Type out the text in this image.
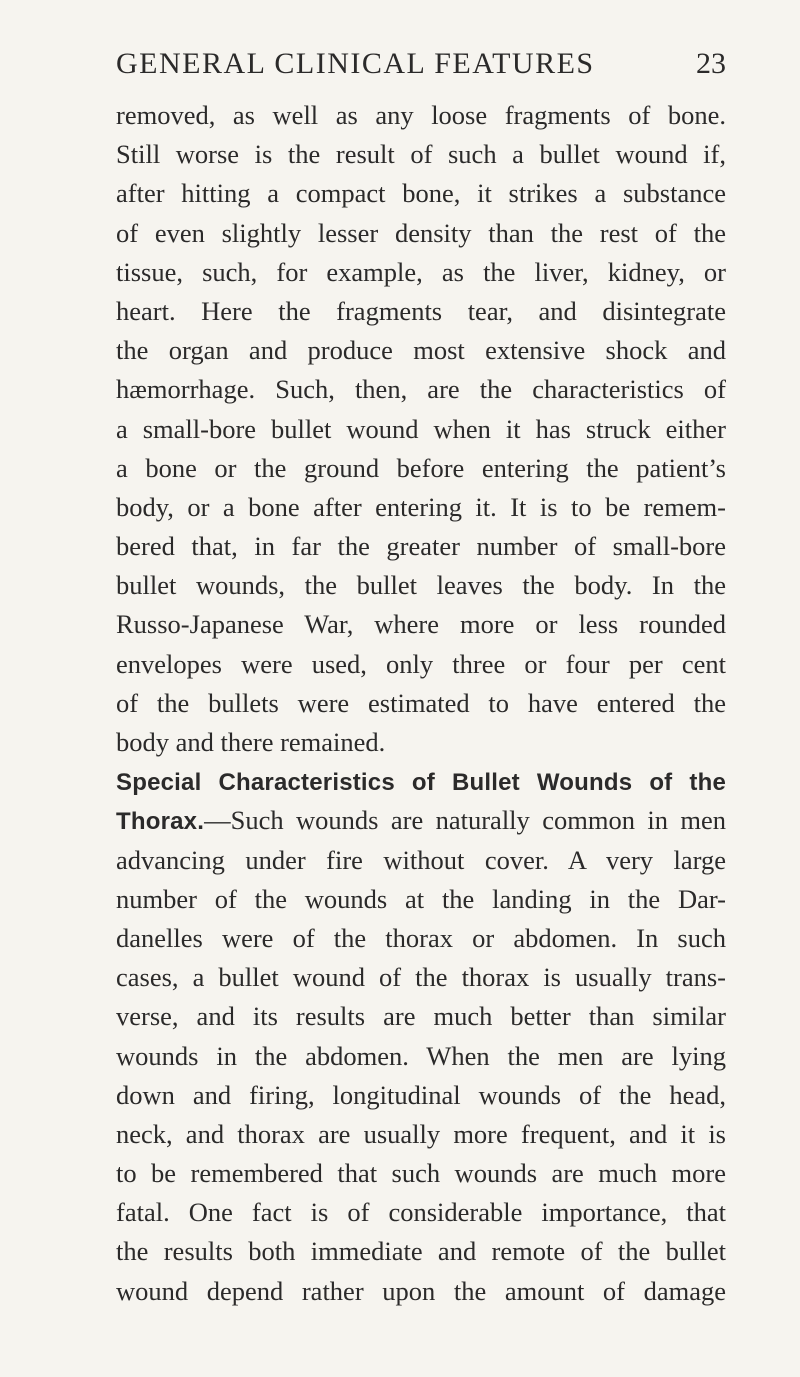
GENERAL CLINICAL FEATURES	23
removed, as well as any loose fragments of bone.
Still worse is the result of such a bullet wound if,
after hitting a compact bone, it strikes a substance
of even slightly lesser density than the rest of the
tissue, such, for example, as the liver, kidney, or
heart. Here the fragments tear, and disintegrate
the organ and produce most extensive shock and
hæmorrhage. Such, then, are the characteristics of
a small-bore bullet wound when it has struck either
a bone or the ground before entering the patient’s
body, or a bone after entering it. It is to be remem-
bered that, in far the greater number of small-bore
bullet wounds, the bullet leaves the body. In the
Russo-Japanese War, where more or less rounded
envelopes were used, only three or four per cent
of the bullets were estimated to have entered the
body and there remained.
Special Characteristics of Bullet Wounds of the
Thorax.—Such wounds are naturally common in men
advancing under fire without cover. A very large
number of the wounds at the landing in the Dar-
danelles were of the thorax or abdomen. In such
cases, a bullet wound of the thorax is usually trans-
verse, and its results are much better than similar
wounds in the abdomen. When the men are lying
down and firing, longitudinal wounds of the head,
neck, and thorax are usually more frequent, and it is
to be remembered that such wounds are much more
fatal. One fact is of considerable importance, that
the results both immediate and remote of the bullet
wound depend rather upon the amount of damage
